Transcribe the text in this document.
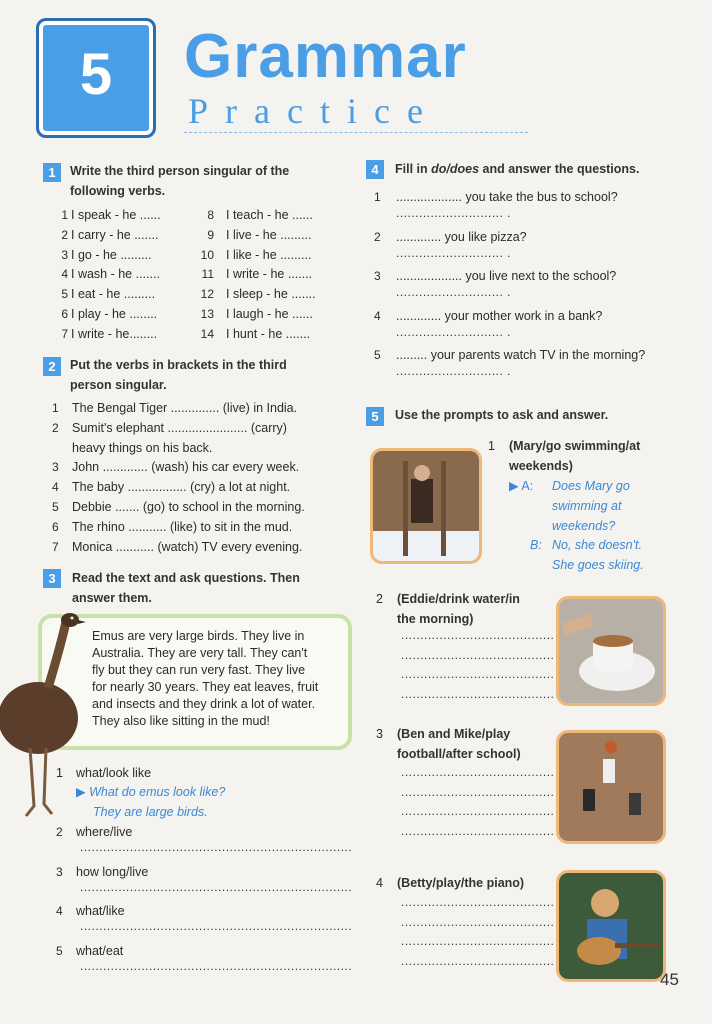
5	Grammar
Practice
1	Write the third person singular of the
following verbs.
1 I speak - he ......
2 I carry - he .......
3 I go - he .........
4 I wash - he .......
5 I eat - he .........
6 I play - he ........
7 I write - he........
8 I teach - he ......
9 I live - he .........
10 I like - he .........
11 I write - he .......
12 I sleep - he .......
13 I laugh - he ......
14 I hunt - he .......
2	Put the verbs in brackets in the third
person singular.
1 The Bengal Tiger .............. (live) in India.
2 Sumit's elephant ....................... (carry)
heavy things on his back.
3 John ............. (wash) his car every week.
4 The baby ................. (cry) a lot at night.
5 Debbie ....... (go) to school in the morning.
6 The rhino ........... (like) to sit in the mud.
7 Monica ........... (watch) TV every evening.
3	Read the text and ask questions. Then
answer them.
Emus are very large birds. They live in
Australia. They are very tall. They can't
fly but they can run very fast. They live
for nearly 30 years. They eat leaves, fruit
and insects and they drink a lot of water.
They also like sitting in the mud!
1 what/look like
▶ What do emus look like?
They are large birds.
2 where/live
.......................................................................
3 how long/live
.......................................................................
4 what/like
.......................................................................
5 what/eat
.......................................................................
4	Fill in do/does and answer the questions.
1 ................... you take the bus to school?
............................ .
2 ............. you like pizza?
............................ .
3 ................... you live next to the school?
............................ .
4 ............. your mother work in a bank?
............................ .
5 ......... your parents watch TV in the morning?
............................ .
5	Use the prompts to ask and answer.
1 (Mary/go swimming/at
weekends)
▶ A: Does Mary go
swimming at
weekends?
B: No, she doesn't.
She goes skiing.
2 (Eddie/drink water/in
the morning)
3 (Ben and Mike/play
football/after school)
4 (Betty/play/the piano)
........................................
........................................
........................................
........................................
........................................
........................................
........................................
........................................
........................................
........................................
........................................
........................................
45
